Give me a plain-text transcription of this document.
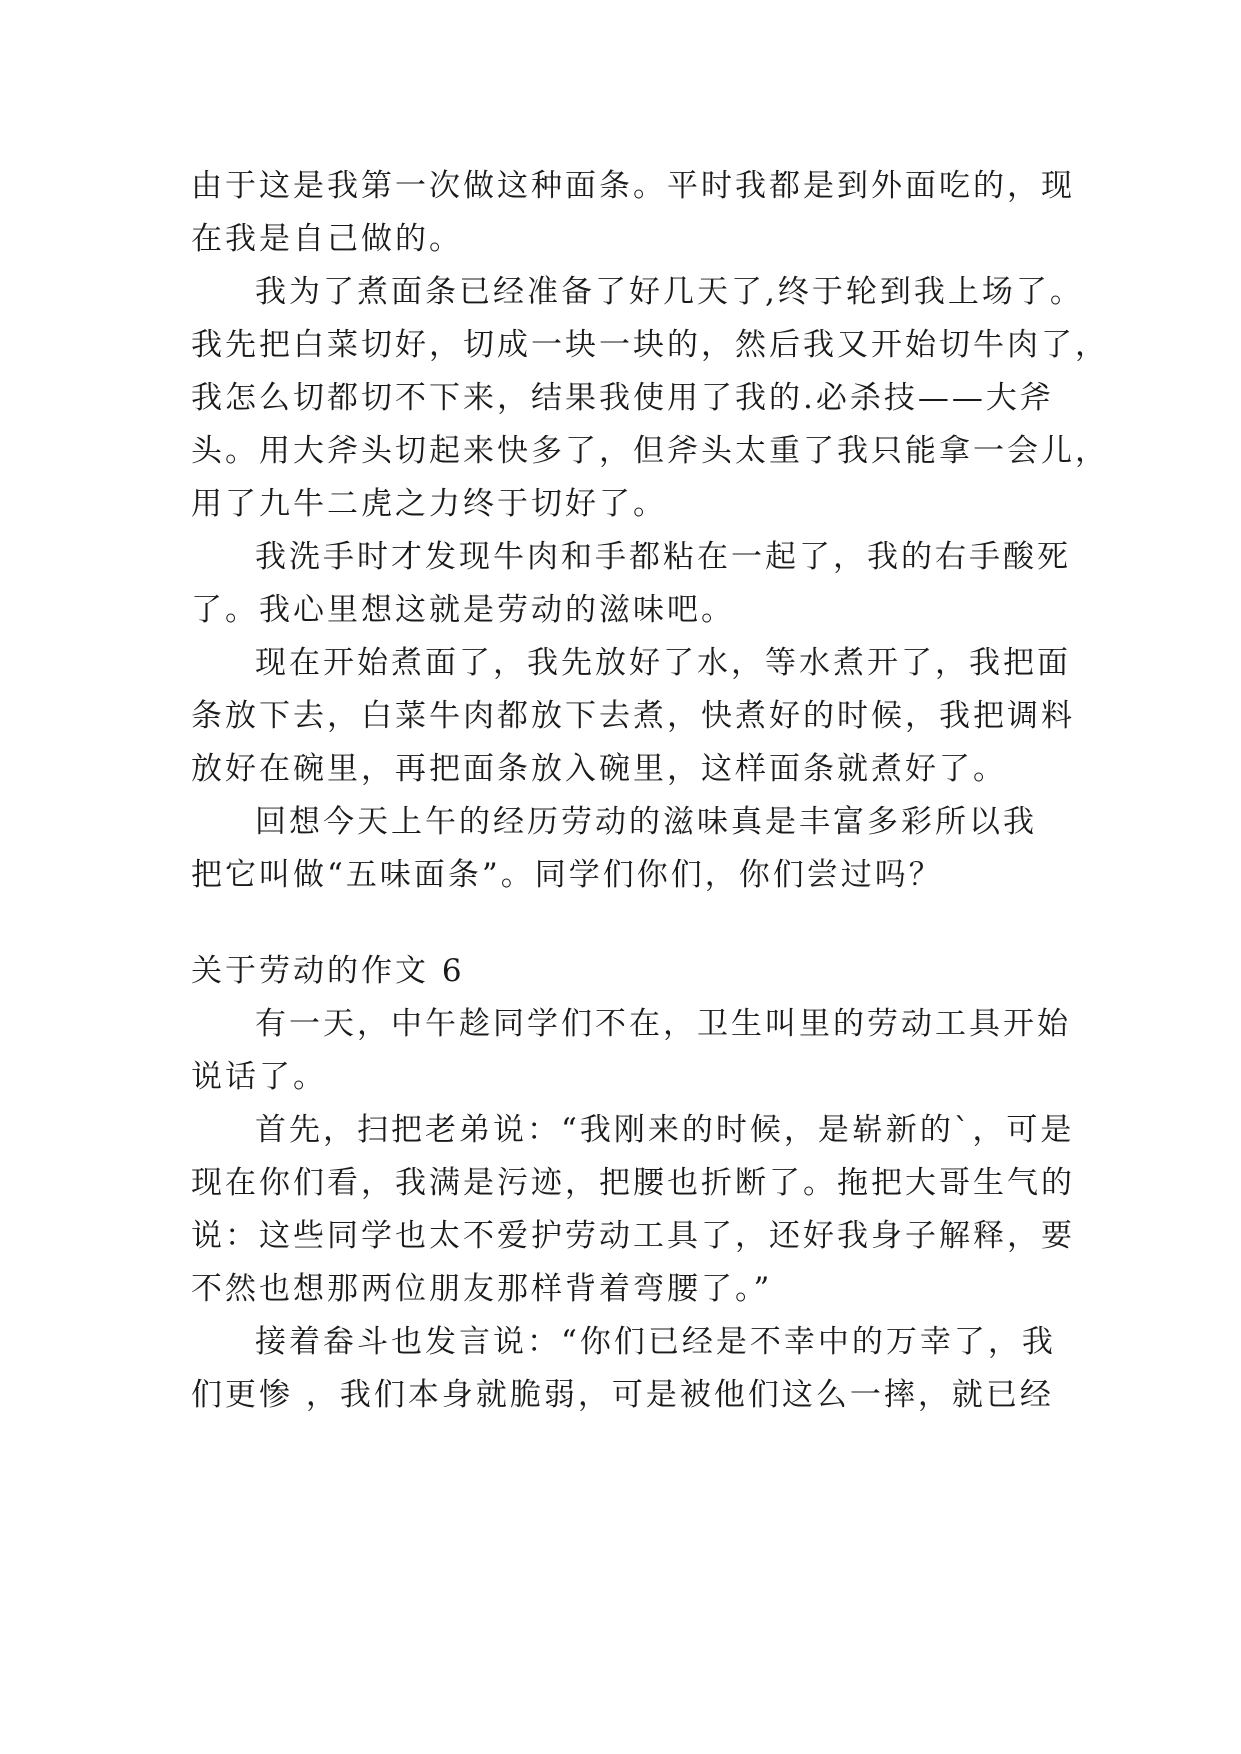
由于这是我第一次做这种面条。平时我都是到外面吃的，现
在我是自己做的。
我为了煮面条已经准备了好几天了,终于轮到我上场了。
我先把白菜切好，切成一块一块的，然后我又开始切牛肉了，
我怎么切都切不下来，结果我使用了我的.必杀技——大斧
头。用大斧头切起来快多了，但斧头太重了我只能拿一会儿，
用了九牛二虎之力终于切好了。
我洗手时才发现牛肉和手都粘在一起了，我的右手酸死
了。我心里想这就是劳动的滋味吧。
现在开始煮面了，我先放好了水，等水煮开了，我把面
条放下去，白菜牛肉都放下去煮，快煮好的时候，我把调料
放好在碗里，再把面条放入碗里，这样面条就煮好了。
回想今天上午的经历劳动的滋味真是丰富多彩所以我
把它叫做“五味面条”。同学们你们，你们尝过吗？
关于劳动的作文 6
有一天，中午趁同学们不在，卫生叫里的劳动工具开始
说话了。
首先，扫把老弟说：“我刚来的时候，是崭新的`，可是
现在你们看，我满是污迹，把腰也折断了。拖把大哥生气的
说：这些同学也太不爱护劳动工具了，还好我身子解释，要
不然也想那两位朋友那样背着弯腰了。”
接着畚斗也发言说：“你们已经是不幸中的万幸了，我
们更惨 ，我们本身就脆弱，可是被他们这么一摔，就已经
